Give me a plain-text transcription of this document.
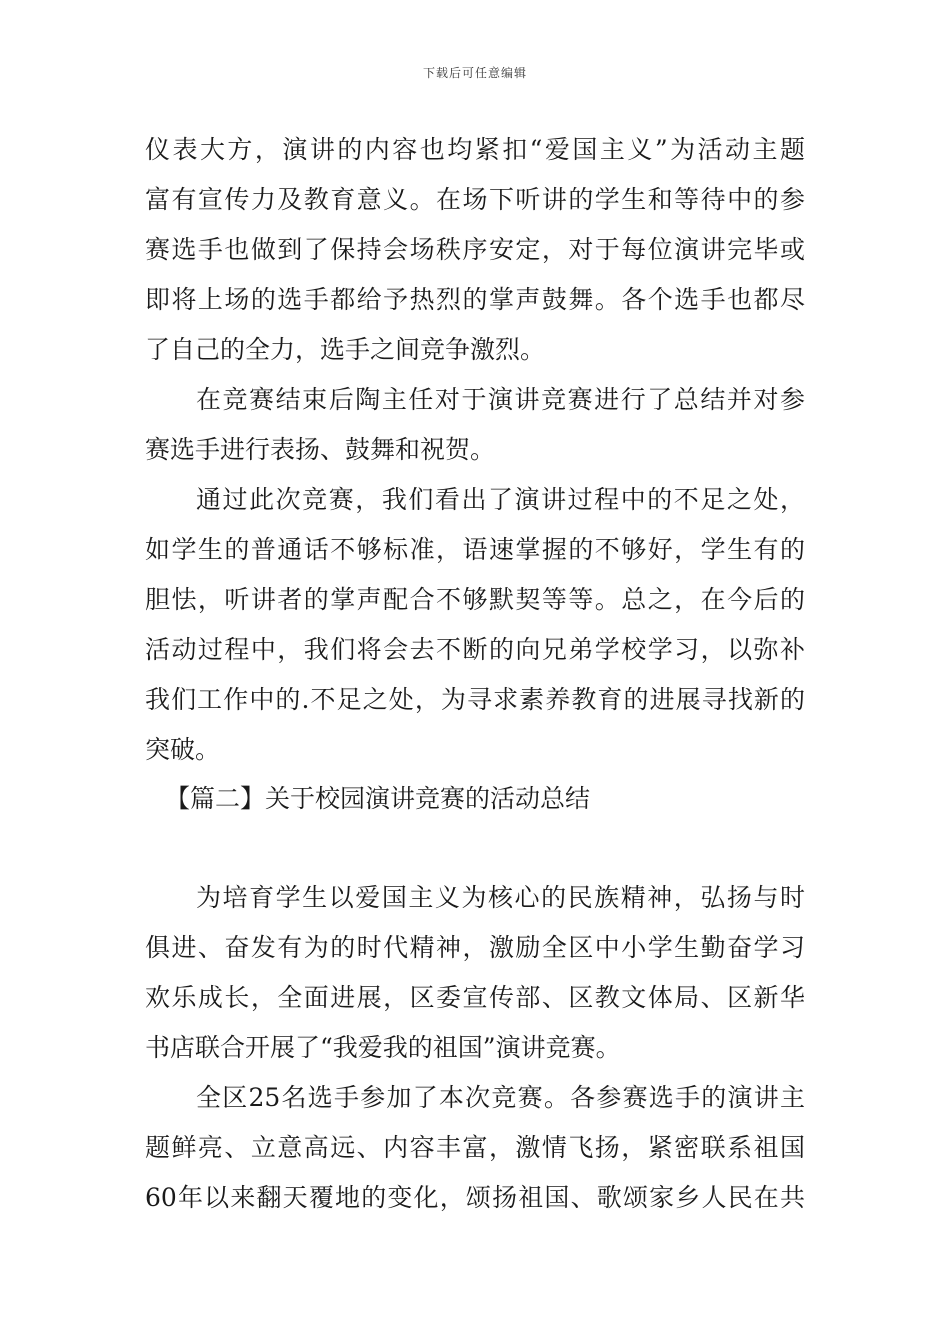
下载后可任意编辑
仪表大方，演讲的内容也均紧扣“爱国主义”为活动主题
富有宣传力及教育意义。在场下听讲的学生和等待中的参
赛选手也做到了保持会场秩序安定，对于每位演讲完毕或
即将上场的选手都给予热烈的掌声鼓舞。各个选手也都尽
了自己的全力，选手之间竞争激烈。
在竞赛结束后陶主任对于演讲竞赛进行了总结并对参
赛选手进行表扬、鼓舞和祝贺。
通过此次竞赛，我们看出了演讲过程中的不足之处，
如学生的普通话不够标准，语速掌握的不够好，学生有的
胆怯，听讲者的掌声配合不够默契等等。总之，在今后的
活动过程中，我们将会去不断的向兄弟学校学习，以弥补
我们工作中的.不足之处，为寻求素养教育的进展寻找新的
突破。
【篇二】关于校园演讲竞赛的活动总结
为培育学生以爱国主义为核心的民族精神，弘扬与时
俱进、奋发有为的时代精神，激励全区中小学生勤奋学习
欢乐成长，全面进展，区委宣传部、区教文体局、区新华
书店联合开展了“我爱我的祖国”演讲竞赛。
全区25名选手参加了本次竞赛。各参赛选手的演讲主
题鲜亮、立意高远、内容丰富，激情飞扬，紧密联系祖国
60年以来翻天覆地的变化，颂扬祖国、歌颂家乡人民在共
